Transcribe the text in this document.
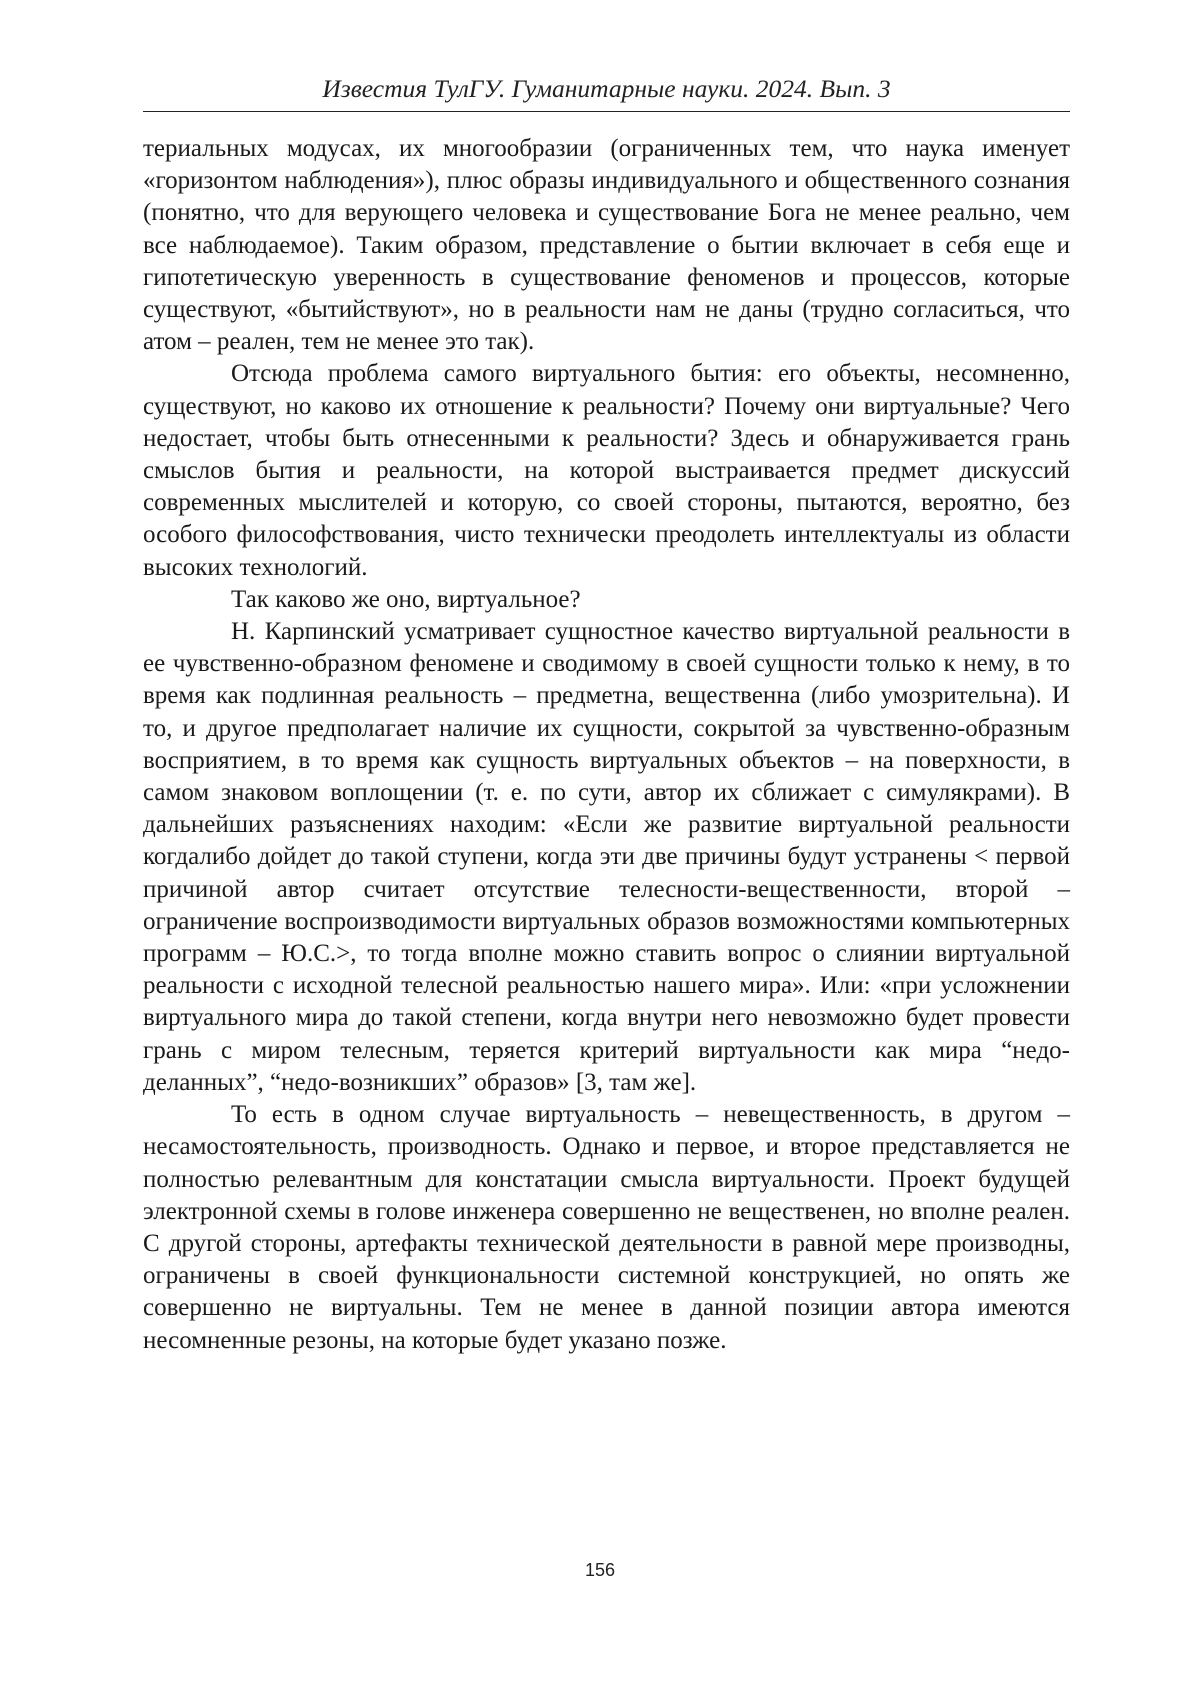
Известия ТулГУ. Гуманитарные науки. 2024. Вып. 3

териальных модусах, их многообразии (ограниченных тем, что наука именует «горизонтом наблюдения»), плюс образы индивидуального и общественного сознания (понятно, что для верующего человека и существование Бога не менее реально, чем все наблюдаемое). Таким образом, представление о бытии включает в себя еще и гипотетическую уверенность в существование феноменов и процессов, которые существуют, «бытийствуют», но в реальности нам не даны (трудно согласиться, что атом – реален, тем не менее это так).

Отсюда проблема самого виртуального бытия: его объекты, несомненно, существуют, но каково их отношение к реальности? Почему они виртуальные? Чего недостает, чтобы быть отнесенными к реальности? Здесь и обнаруживается грань смыслов бытия и реальности, на которой выстраивается предмет дискуссий современных мыслителей и которую, со своей стороны, пытаются, вероятно, без особого философствования, чисто технически преодолеть интеллектуалы из области высоких технологий.

Так каково же оно, виртуальное?

Н. Карпинский усматривает сущностное качество виртуальной реальности в ее чувственно-образном феномене и сводимому в своей сущности только к нему, в то время как подлинная реальность – предметна, вещественна (либо умозрительна). И то, и другое предполагает наличие их сущности, сокрытой за чувственно-образным восприятием, в то время как сущность виртуальных объектов – на поверхности, в самом знаковом воплощении (т. е. по сути, автор их сближает с симулякрами). В дальнейших разъяснениях находим: «Если же развитие виртуальной реальности когдалибо дойдет до такой ступени, когда эти две причины будут устранены < первой причиной автор считает отсутствие телесности-вещественности, второй – ограничение воспроизводимости виртуальных образов возможностями компьютерных программ – Ю.С.>, то тогда вполне можно ставить вопрос о слиянии виртуальной реальности с исходной телесной реальностью нашего мира». Или: «при усложнении виртуального мира до такой степени, когда внутри него невозможно будет провести грань с миром телесным, теряется критерий виртуальности как мира “недо-деланных”, “недо-возникших” образов» [3, там же].

То есть в одном случае виртуальность – невещественность, в другом – несамостоятельность, производность. Однако и первое, и второе представляется не полностью релевантным для констатации смысла виртуальности. Проект будущей электронной схемы в голове инженера совершенно не вещественен, но вполне реален. С другой стороны, артефакты технической деятельности в равной мере производны, ограничены в своей функциональности системной конструкцией, но опять же совершенно не виртуальны. Тем не менее в данной позиции автора имеются несомненные резоны, на которые будет указано позже.

156
